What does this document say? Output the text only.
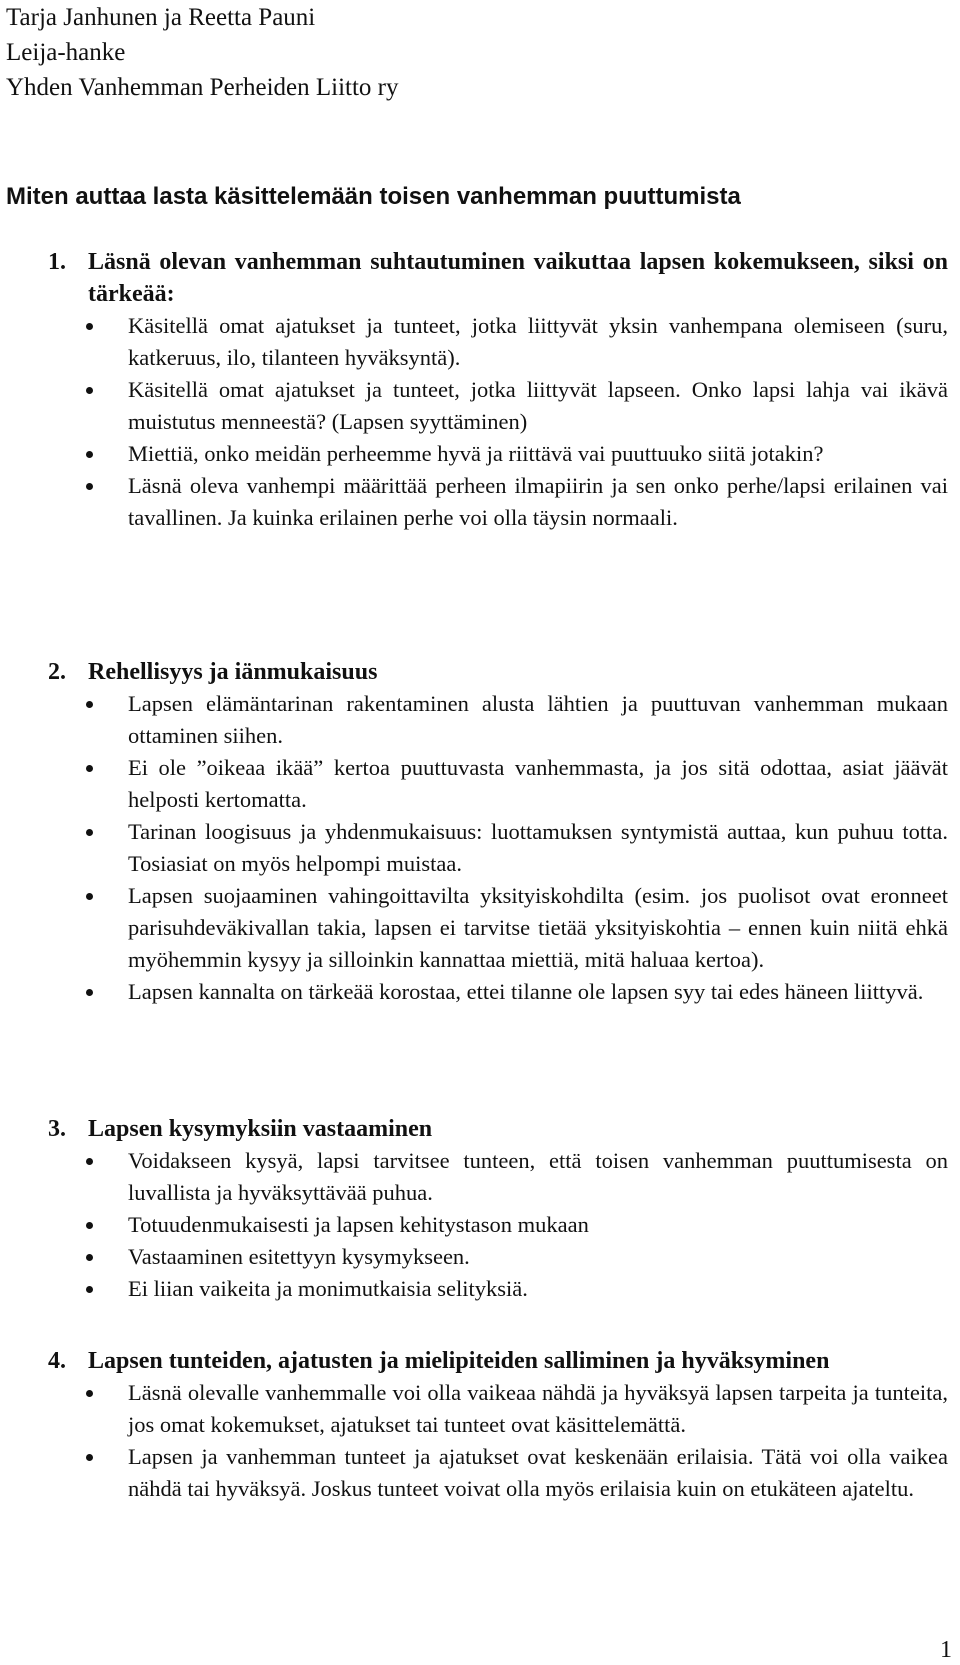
Tarja Janhunen ja Reetta Pauni
Leija-hanke
Yhden Vanhemman Perheiden Liitto ry
Miten auttaa lasta käsittelemään toisen vanhemman puuttumista
1. Läsnä olevan vanhemman suhtautuminen vaikuttaa lapsen kokemukseen, siksi on tärkeää:
Käsitellä omat ajatukset ja tunteet, jotka liittyvät yksin vanhempana olemiseen (suru, katkeruus, ilo, tilanteen hyväksyntä).
Käsitellä omat ajatukset ja tunteet, jotka liittyvät lapseen. Onko lapsi lahja vai ikävä muistutus menneestä? (Lapsen syyttäminen)
Miettiä, onko meidän perheemme hyvä ja riittävä vai puuttuuko siitä jotakin?
Läsnä oleva vanhempi määrittää perheen ilmapiirin ja sen onko perhe/lapsi erilainen vai tavallinen. Ja kuinka erilainen perhe voi olla täysin normaali.
2. Rehellisyys ja iänmukaisuus
Lapsen elämäntarinan rakentaminen alusta lähtien ja puuttuvan vanhemman mukaan ottaminen siihen.
Ei ole ”oikeaa ikää” kertoa puuttuvasta vanhemmasta, ja jos sitä odottaa, asiat jäävät helposti kertomatta.
Tarinan loogisuus ja yhdenmukaisuus: luottamuksen syntymistä auttaa, kun puhuu totta. Tosiasiat on myös helpompi muistaa.
Lapsen suojaaminen vahingoittavilta yksityiskohdilta (esim. jos puolisot ovat eronneet parisuhdeväkivallan takia, lapsen ei tarvitse tietää yksityiskohtia – ennen kuin niitä ehkä myöhemmin kysyy ja silloinkin kannattaa miettiä, mitä haluaa kertoa).
Lapsen kannalta on tärkeää korostaa, ettei tilanne ole lapsen syy tai edes häneen liittyvä.
3. Lapsen kysymyksiin vastaaminen
Voidakseen kysyä, lapsi tarvitsee tunteen, että toisen vanhemman puuttumisesta on luvallista ja hyväksyttävää puhua.
Totuudenmukaisesti ja lapsen kehitystason mukaan
Vastaaminen esitettyyn kysymykseen.
Ei liian vaikeita ja monimutkaisia selityksiä.
4. Lapsen tunteiden, ajatusten ja mielipiteiden salliminen ja hyväksyminen
Läsnä olevalle vanhemmalle voi olla vaikeaa nähdä ja hyväksyä lapsen tarpeita ja tunteita, jos omat kokemukset, ajatukset tai tunteet ovat käsittelemättä.
Lapsen ja vanhemman tunteet ja ajatukset ovat keskenään erilaisia. Tätä voi olla vaikea nähdä tai hyväksyä. Joskus tunteet voivat olla myös erilaisia kuin on etukäteen ajateltu.
1
